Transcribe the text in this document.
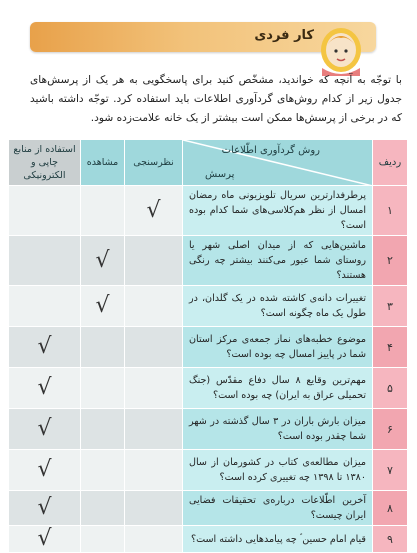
کار فردی

با توجّه به آنچه که خواندید، مشخّص کنید برای پاسخگویی به هر یک از پرسش‌های جدول زیر از کدام روش‌های گردآوری اطلاعات باید استفاده کرد. توجّه داشته باشید که در برخی از پرسش‌ها ممکن است بیشتر از یک خانه علامت‌زده شود.

ردیف	روش گردآوری اطّلاعات
پرسش	نظرسنجی	مشاهده	استفاده از منابع چاپی و الکترونیکی
۱	پرطرفدارترین سریال تلویزیونی ماه رمضان امسال از نظر هم‌کلاسی‌های شما کدام بوده است؟	√		
۲	ماشین‌هایی که از میدان اصلی شهر یا روستای شما عبور می‌کنند بیشتر چه رنگی هستند؟		√	
۳	تغییرات دانه‌ی کاشته شده در یک گلدان، در طول یک ماه چگونه است؟		√	
۴	موضوع خطبه‌های نماز جمعه‌ی مرکز استان شما در پاییز امسال چه بوده است؟			√
۵	مهم‌ترین وقایع ۸ سال دفاع مقدّس (جنگ تحمیلی عراق به ایران) چه بوده است؟			√
۶	میزان بارش باران در ۳ سال گذشته در شهر شما چقدر بوده است؟			√
۷	میزان مطالعه‌ی کتاب در کشورمان از سال ۱۳۸۰ تا ۱۳۹۸ چه تغییری کرده است؟			√
۸	آخرین اطّلاعات درباره‌ی تحقیقات فضایی ایران چیست؟			√
۹	قیام امام حسین ؑ چه پیامدهایی داشته است؟			√
